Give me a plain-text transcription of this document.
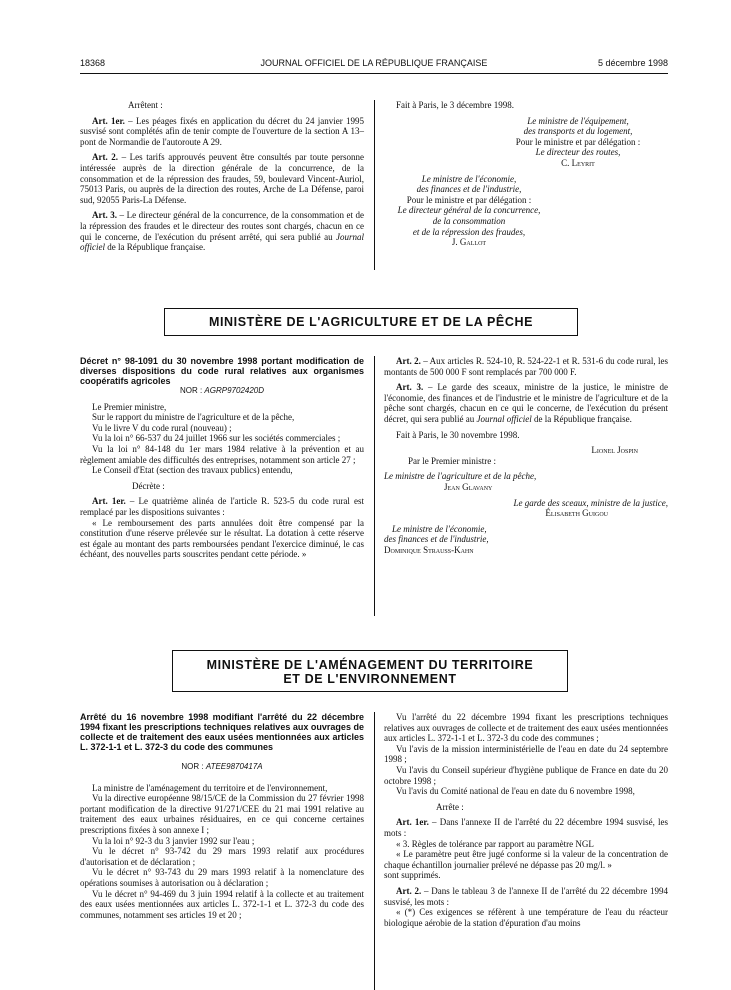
18368	JOURNAL OFFICIEL DE LA RÉPUBLIQUE FRANÇAISE	5 décembre 1998

Arrêtent :

Art. 1er. – Les péages fixés en application du décret du 24 janvier 1995 susvisé sont complétés afin de tenir compte de l'ouverture de la section A 13–pont de Normandie de l'autoroute A 29.

Art. 2. – Les tarifs approuvés peuvent être consultés par toute personne intéressée auprès de la direction générale de la concurrence, de la consommation et de la répression des fraudes, 59, boulevard Vincent-Auriol, 75013 Paris, ou auprès de la direction des routes, Arche de La Défense, paroi sud, 92055 Paris-La Défense.

Art. 3. – Le directeur général de la concurrence, de la consommation et de la répression des fraudes et le directeur des routes sont chargés, chacun en ce qui le concerne, de l'exécution du présent arrêté, qui sera publié au Journal officiel de la République française.

Fait à Paris, le 3 décembre 1998.

Le ministre de l'équipement,

des transports et du logement,

Pour le ministre et par délégation :

Le directeur des routes,

C. Leyrit

Le ministre de l'économie,

des finances et de l'industrie,

Pour le ministre et par délégation :

Le directeur général de la concurrence,

de la consommation

et de la répression des fraudes,

J. Gallot

MINISTÈRE DE L'AGRICULTURE ET DE LA PÊCHE

Décret n° 98-1091 du 30 novembre 1998 portant modification de diverses dispositions du code rural relatives aux organismes coopératifs agricoles

NOR : AGRP9702420D

Le Premier ministre,

Sur le rapport du ministre de l'agriculture et de la pêche,

Vu le livre V du code rural (nouveau) ;

Vu la loi n° 66-537 du 24 juillet 1966 sur les sociétés commerciales ;

Vu la loi n° 84-148 du 1er mars 1984 relative à la prévention et au règlement amiable des difficultés des entreprises, notamment son article 27 ;

Le Conseil d'Etat (section des travaux publics) entendu,

Décrète :

Art. 1er. – Le quatrième alinéa de l'article R. 523-5 du code rural est remplacé par les dispositions suivantes :

« Le remboursement des parts annulées doit être compensé par la constitution d'une réserve prélevée sur le résultat. La dotation à cette réserve est égale au montant des parts remboursées pendant l'exercice diminué, le cas échéant, des nouvelles parts souscrites pendant cette période. »

Art. 2. – Aux articles R. 524-10, R. 524-22-1 et R. 531-6 du code rural, les montants de 500 000 F sont remplacés par 700 000 F.

Art. 3. – Le garde des sceaux, ministre de la justice, le ministre de l'économie, des finances et de l'industrie et le ministre de l'agriculture et de la pêche sont chargés, chacun en ce qui le concerne, de l'exécution du présent décret, qui sera publié au Journal officiel de la République française.

Fait à Paris, le 30 novembre 1998.

Lionel Jospin

Par le Premier ministre :

Le ministre de l'agriculture et de la pêche,

Jean Glavany

Le garde des sceaux, ministre de la justice,

Élisabeth Guigou

Le ministre de l'économie,

des finances et de l'industrie,

Dominique Strauss-Kahn

MINISTÈRE DE L'AMÉNAGEMENT DU TERRITOIRE
ET DE L'ENVIRONNEMENT

Arrêté du 16 novembre 1998 modifiant l'arrêté du 22 décembre 1994 fixant les prescriptions techniques relatives aux ouvrages de collecte et de traitement des eaux usées mentionnées aux articles L. 372-1-1 et L. 372-3 du code des communes

NOR : ATEE9870417A

La ministre de l'aménagement du territoire et de l'environnement,

Vu la directive européenne 98/15/CE de la Commission du 27 février 1998 portant modification de la directive 91/271/CEE du 21 mai 1991 relative au traitement des eaux urbaines résiduaires, en ce qui concerne certaines prescriptions fixées à son annexe I ;

Vu la loi n° 92-3 du 3 janvier 1992 sur l'eau ;

Vu le décret n° 93-742 du 29 mars 1993 relatif aux procédures d'autorisation et de déclaration ;

Vu le décret n° 93-743 du 29 mars 1993 relatif à la nomenclature des opérations soumises à autorisation ou à déclaration ;

Vu le décret n° 94-469 du 3 juin 1994 relatif à la collecte et au traitement des eaux usées mentionnées aux articles L. 372-1-1 et L. 372-3 du code des communes, notamment ses articles 19 et 20 ;

Vu l'arrêté du 22 décembre 1994 fixant les prescriptions techniques relatives aux ouvrages de collecte et de traitement des eaux usées mentionnées aux articles L. 372-1-1 et L. 372-3 du code des communes ;

Vu l'avis de la mission interministérielle de l'eau en date du 24 septembre 1998 ;

Vu l'avis du Conseil supérieur d'hygiène publique de France en date du 20 octobre 1998 ;

Vu l'avis du Comité national de l'eau en date du 6 novembre 1998,

Arrête :

Art. 1er. – Dans l'annexe II de l'arrêté du 22 décembre 1994 susvisé, les mots :

« 3. Règles de tolérance par rapport au paramètre NGL

« Le paramètre peut être jugé conforme si la valeur de la concentration de chaque échantillon journalier prélevé ne dépasse pas 20 mg/l. »

sont supprimés.

Art. 2. – Dans le tableau 3 de l'annexe II de l'arrêté du 22 décembre 1994 susvisé, les mots :

« (*) Ces exigences se réfèrent à une température de l'eau du réacteur biologique aérobie de la station d'épuration d'au moins
